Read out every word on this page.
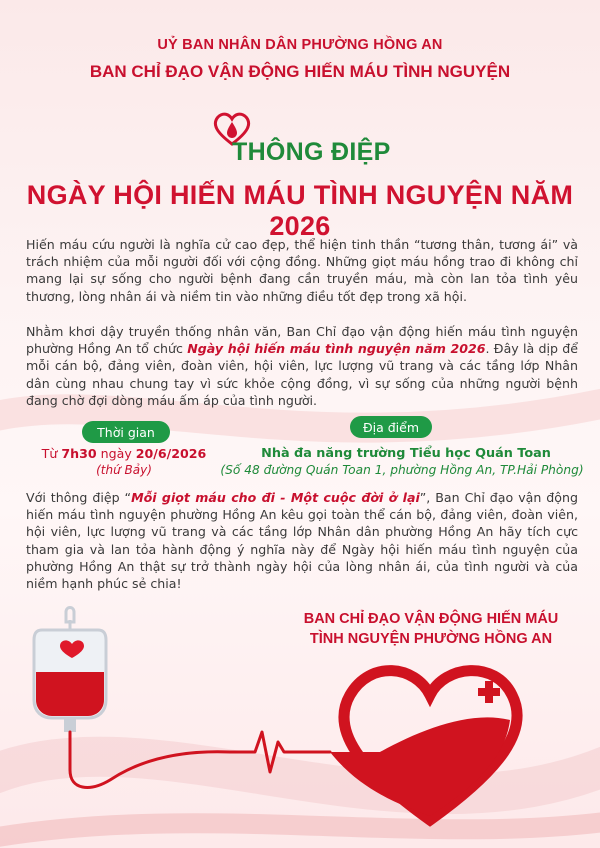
UỶ BAN NHÂN DÂN PHƯỜNG HỒNG AN
BAN CHỈ ĐẠO VẬN ĐỘNG HIẾN MÁU TÌNH NGUYỆN
THÔNG ĐIỆP
NGÀY HỘI HIẾN MÁU TÌNH NGUYỆN NĂM 2026
Hiến máu cứu người là nghĩa cử cao đẹp, thể hiện tinh thần “tương thân, tương ái” và trách nhiệm của mỗi người đối với cộng đồng. Những giọt máu hồng trao đi không chỉ mang lại sự sống cho người bệnh đang cần truyền máu, mà còn lan tỏa tình yêu thương, lòng nhân ái và niềm tin vào những điều tốt đẹp trong xã hội.
Nhằm khơi dậy truyền thống nhân văn, Ban Chỉ đạo vận động hiến máu tình nguyện phường Hồng An tổ chức Ngày hội hiến máu tình nguyện năm 2026. Đây là dịp để mỗi cán bộ, đảng viên, đoàn viên, hội viên, lực lượng vũ trang và các tầng lớp Nhân dân cùng nhau chung tay vì sức khỏe cộng đồng, vì sự sống của những người bệnh đang chờ đợi dòng máu ấm áp của tình người.
Thời gian	Địa điểm
Từ 7h30 ngày 20/6/2026
(thứ Bảy)
Nhà đa năng trường Tiểu học Quán Toan
(Số 48 đường Quán Toan 1, phường Hồng An, TP.Hải Phòng)
Với thông điệp “Mỗi giọt máu cho đi - Một cuộc đời ở lại”, Ban Chỉ đạo vận động hiến máu tình nguyện phường Hồng An kêu gọi toàn thể cán bộ, đảng viên, đoàn viên, hội viên, lực lượng vũ trang và các tầng lớp Nhân dân phường Hồng An hãy tích cực tham gia và lan tỏa hành động ý nghĩa này để Ngày hội hiến máu tình nguyện của phường Hồng An thật sự trở thành ngày hội của lòng nhân ái, của tình người và của niềm hạnh phúc sẻ chia!
BAN CHỈ ĐẠO VẬN ĐỘNG HIẾN MÁU
TÌNH NGUYỆN PHƯỜNG HỒNG AN
